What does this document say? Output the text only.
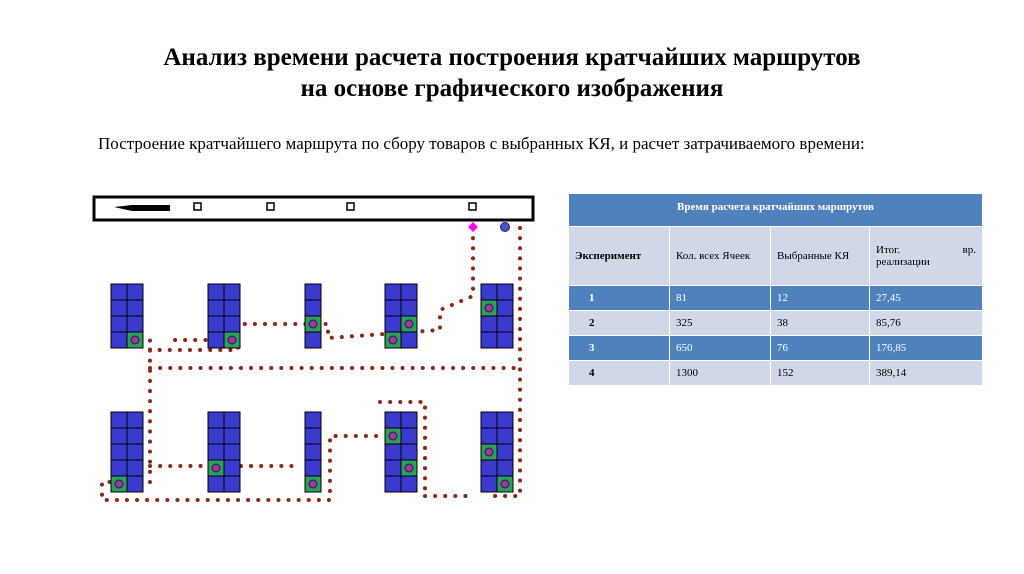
Анализ времени расчета построения кратчайших маршрутов
на основе графического изображения
Построение кратчайшего маршрута по сбору товаров с выбранных КЯ, и расчет затрачиваемого времени:
Время расчета кратчайших маршрутов			
Эксперимент	Кол. всех Ячеек	Выбранные КЯ	Итог. вр.
реализации

1	81	12	27,45
2	325	38	85,76
3	650	76	176,85
4	1300	152	389,14
